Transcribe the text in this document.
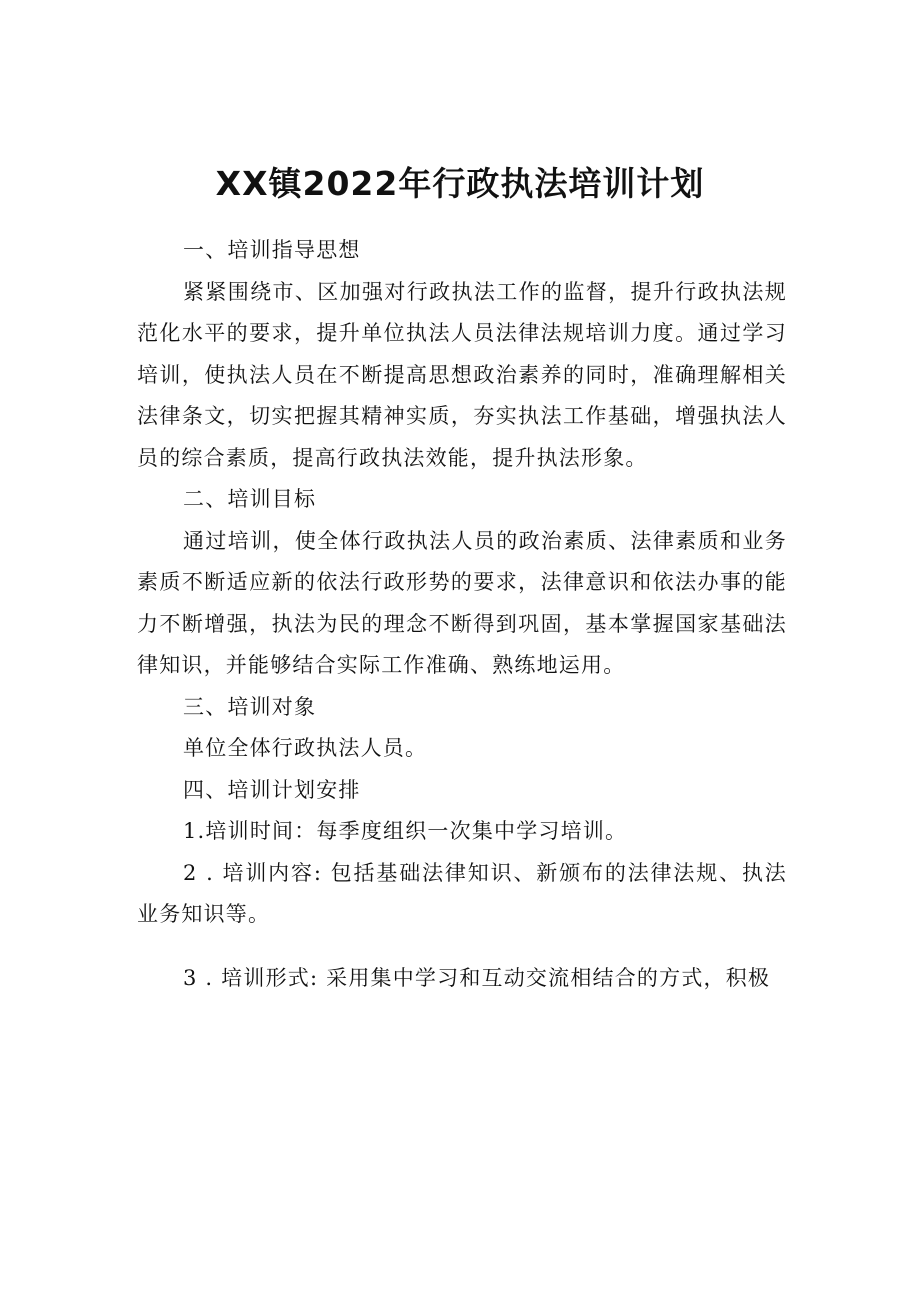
XX镇2022年行政执法培训计划

一、培训指导思想

紧紧围绕市、区加强对行政执法工作的监督，提升行政执法规范化水平的要求，提升单位执法人员法律法规培训力度。通过学习培训，使执法人员在不断提高思想政治素养的同时，准确理解相关法律条文，切实把握其精神实质，夯实执法工作基础，增强执法人员的综合素质，提高行政执法效能，提升执法形象。

二、培训目标

通过培训，使全体行政执法人员的政治素质、法律素质和业务素质不断适应新的依法行政形势的要求，法律意识和依法办事的能力不断增强，执法为民的理念不断得到巩固，基本掌握国家基础法律知识，并能够结合实际工作准确、熟练地运用。

三、培训对象

单位全体行政执法人员。

四、培训计划安排

1.培训时间：每季度组织一次集中学习培训。

2 . 培训内容: 包括基础法律知识、新颁布的法律法规、执法业务知识等。

3 . 培训形式: 采用集中学习和互动交流相结合的方式，积极
